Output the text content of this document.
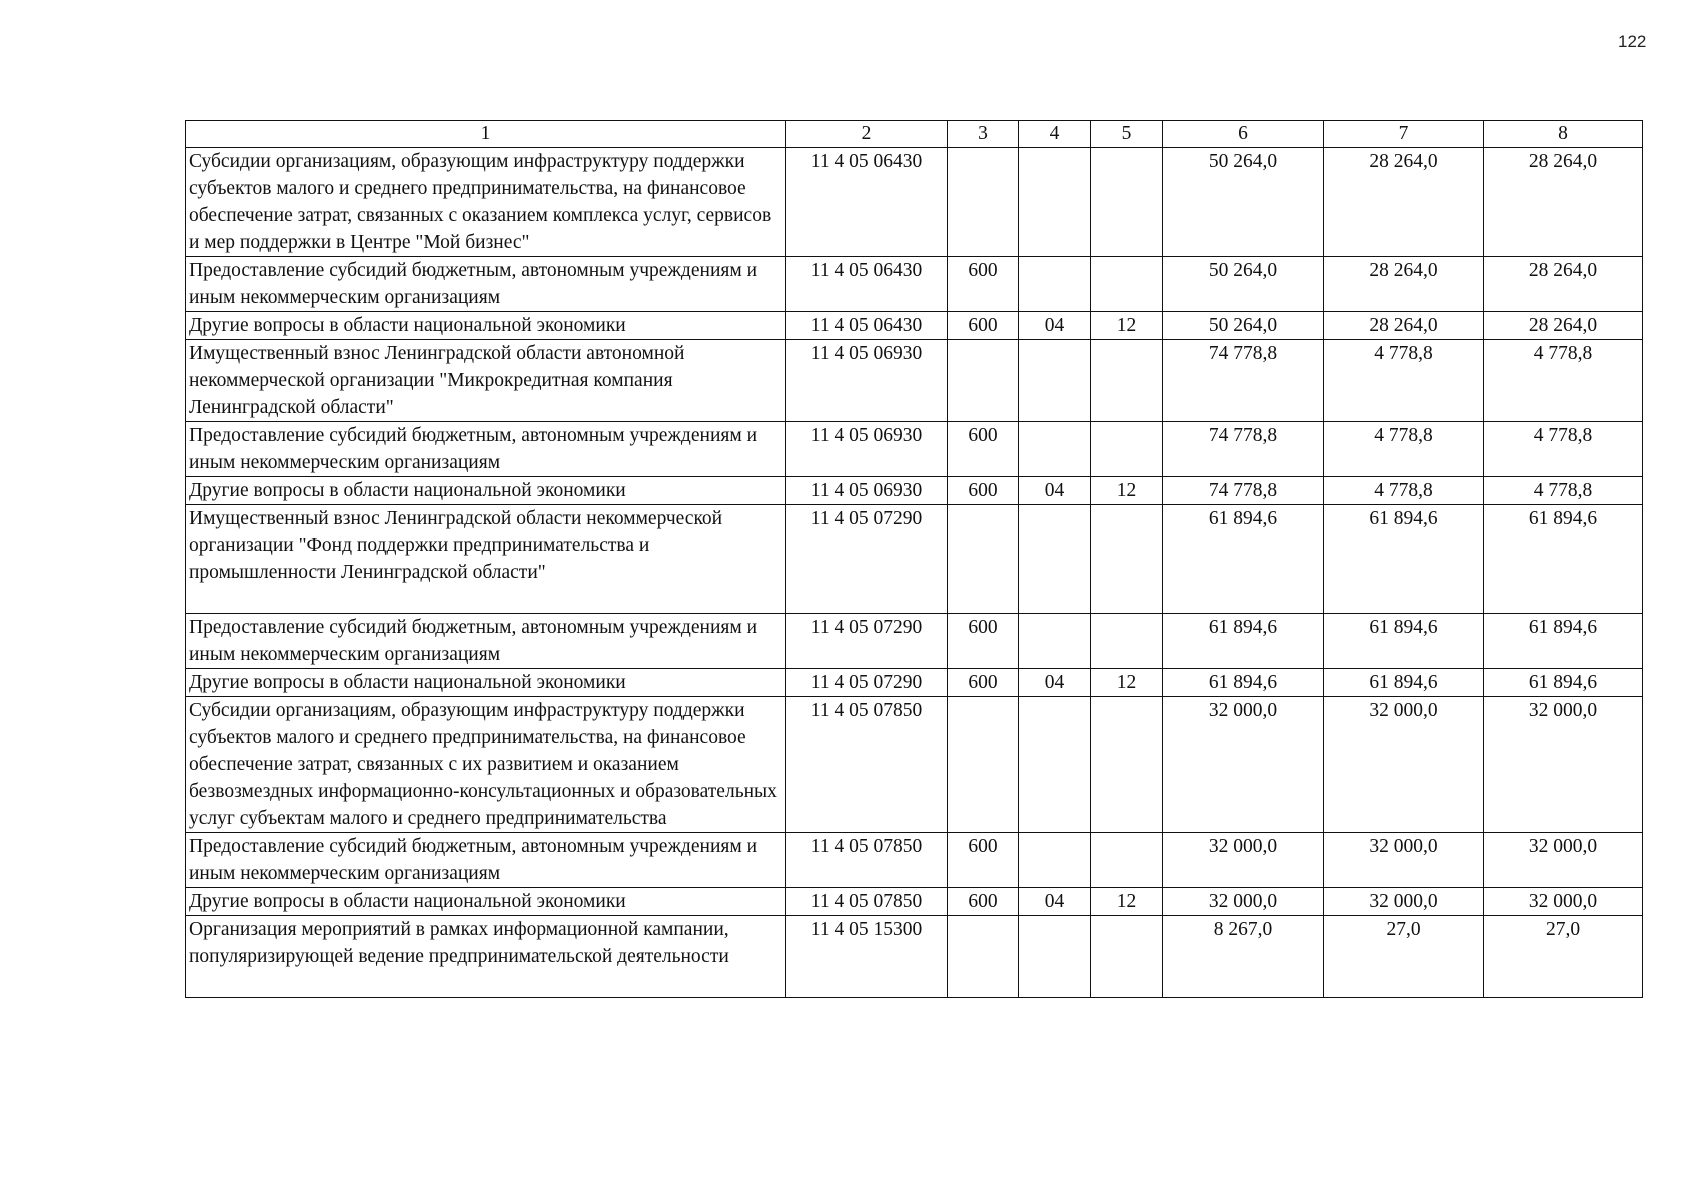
122
1	2	3	4	5	6	7	8
Субсидии организациям, образующим инфраструктуру поддержки субъектов малого и среднего предпринимательства, на финансовое обеспечение затрат, связанных с оказанием комплекса услуг, сервисов и мер поддержки в Центре "Мой бизнес"	11 4 05 06430				50 264,0	28 264,0	28 264,0
Предоставление субсидий бюджетным, автономным учреждениям и иным некоммерческим организациям	11 4 05 06430	600			50 264,0	28 264,0	28 264,0
Другие вопросы в области национальной экономики	11 4 05 06430	600	04	12	50 264,0	28 264,0	28 264,0
Имущественный взнос Ленинградской области автономной некоммерческой организации "Микрокредитная компания Ленинградской области"	11 4 05 06930				74 778,8	4 778,8	4 778,8
Предоставление субсидий бюджетным, автономным учреждениям и иным некоммерческим организациям	11 4 05 06930	600			74 778,8	4 778,8	4 778,8
Другие вопросы в области национальной экономики	11 4 05 06930	600	04	12	74 778,8	4 778,8	4 778,8
Имущественный взнос Ленинградской области некоммерческой организации "Фонд поддержки предпринимательства и промышленности Ленинградской области"	11 4 05 07290				61 894,6	61 894,6	61 894,6
Предоставление субсидий бюджетным, автономным учреждениям и иным некоммерческим организациям	11 4 05 07290	600			61 894,6	61 894,6	61 894,6
Другие вопросы в области национальной экономики	11 4 05 07290	600	04	12	61 894,6	61 894,6	61 894,6
Субсидии организациям, образующим инфраструктуру поддержки субъектов малого и среднего предпринимательства, на финансовое обеспечение затрат, связанных с их развитием и оказанием безвозмездных информационно-консультационных и образовательных услуг субъектам малого и среднего предпринимательства	11 4 05 07850				32 000,0	32 000,0	32 000,0
Предоставление субсидий бюджетным, автономным учреждениям и иным некоммерческим организациям	11 4 05 07850	600			32 000,0	32 000,0	32 000,0
Другие вопросы в области национальной экономики	11 4 05 07850	600	04	12	32 000,0	32 000,0	32 000,0
Организация мероприятий в рамках информационной кампании, популяризирующей ведение предпринимательской деятельности	11 4 05 15300				8 267,0	27,0	27,0
